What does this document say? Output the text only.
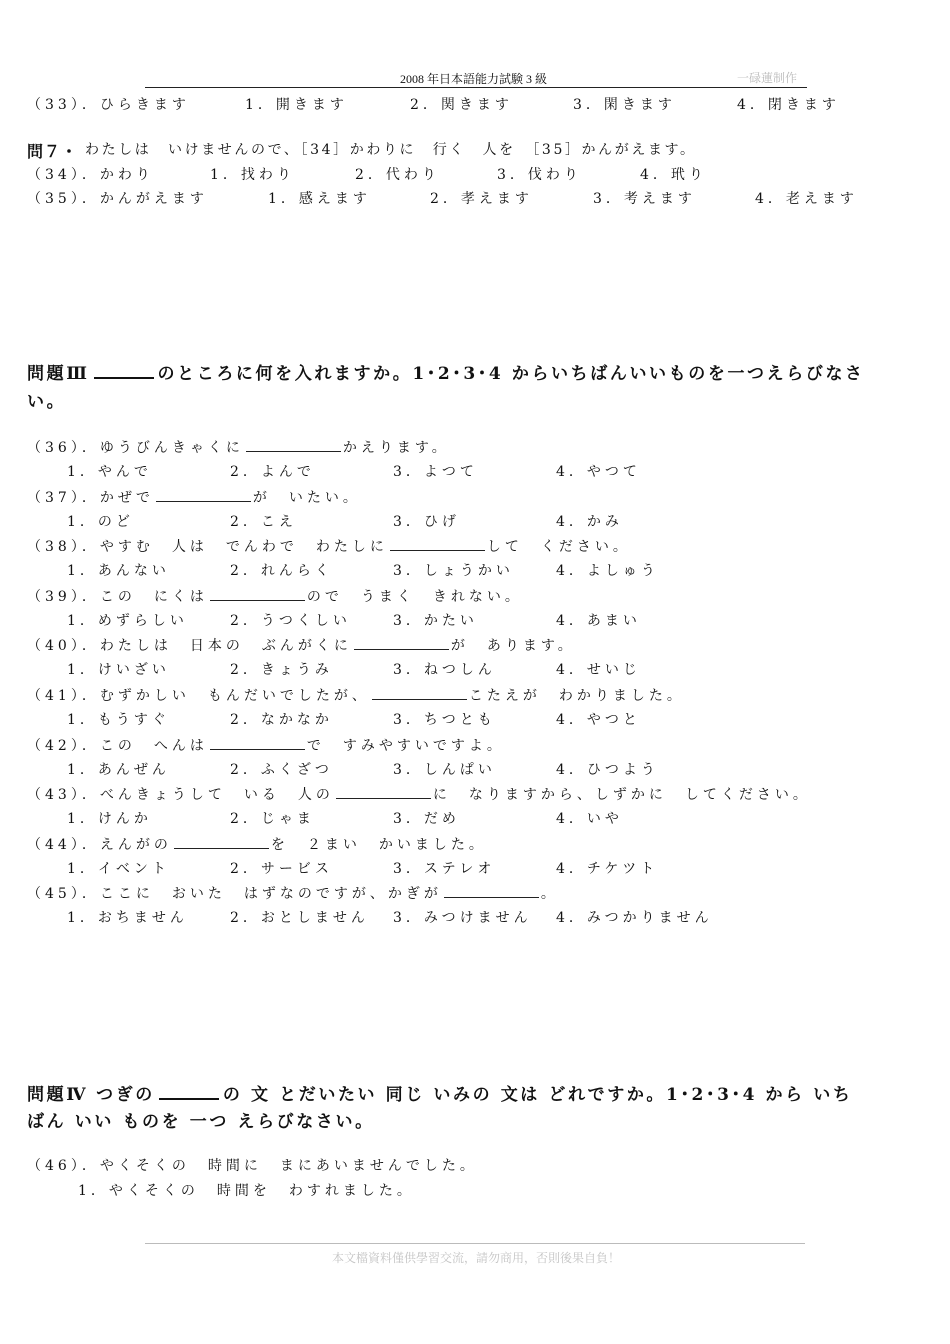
2008 年日本語能力試験 3 級	一碌蓮制作
（33）．ひらきます	1．開きます	2．関きます	3．閑きます	4．閉きます
問７・ わたしは　いけませんので、［34］かわりに　行く　人を　［35］かんがえます。
（34）．かわり	1．找わり	2．代わり	3．伐わり	4．玳り
（35）．かんがえます	1．感えます	2．孝えます	3．考えます	4．老えます
問題Ⅲ	のところに何を入れますか。1･2･3･4 からいちばんいいものを一つえらびなさ
い。
（36）．ゆうびんきゃくに	かえります。
1．やんで	2．よんで	3．よつて	4．やつて
（37）．かぜで	が　いたい。
1．のど	2．こえ	3．ひげ	4．かみ
（38）．やすむ　人は　でんわで　わたしに	して　ください。
1．あんない	2．れんらく	3．しょうかい	4．よしゅう
（39）．この　にくは	ので　うまく　きれない。
1．めずらしい	2．うつくしい	3．かたい	4．あまい
（40）．わたしは　日本の　ぶんがくに	が　あります。
1．けいざい	2．きょうみ	3．ねつしん	4．せいじ
（41）．むずかしい　もんだいでしたが、	こたえが　わかりました。
1．もうすぐ	2．なかなか	3．ちつとも	4．やつと
（42）．この　へんは	で　すみやすいですよ。
1．あんぜん	2．ふくざつ	3．しんぱい	4．ひつよう
（43）．べんきょうして　いる　人の	に　なりますから、しずかに　してください。
1．けんか	2．じゃま	3．だめ	4．いや
（44）．えんがの	を　２まい　かいました。
1．イベント	2．サービス	3．ステレオ	4．チケツト
（45）．ここに　おいた　はずなのですが、かぎが	。
1．おちません	2．おとしません 3．みつけません 4．みつかりません
問題Ⅳ つぎの	の 文 とだいたい 同じ いみの 文は どれですか。1･2･3･4 から いち
ばん いい ものを 一つ えらびなさい。
（46）．やくそくの　時間に　まにあいませんでした。
1．やくそくの　時間を　わすれました。
本文檔資料僅供學習交流，請勿商用，否則後果自負！
